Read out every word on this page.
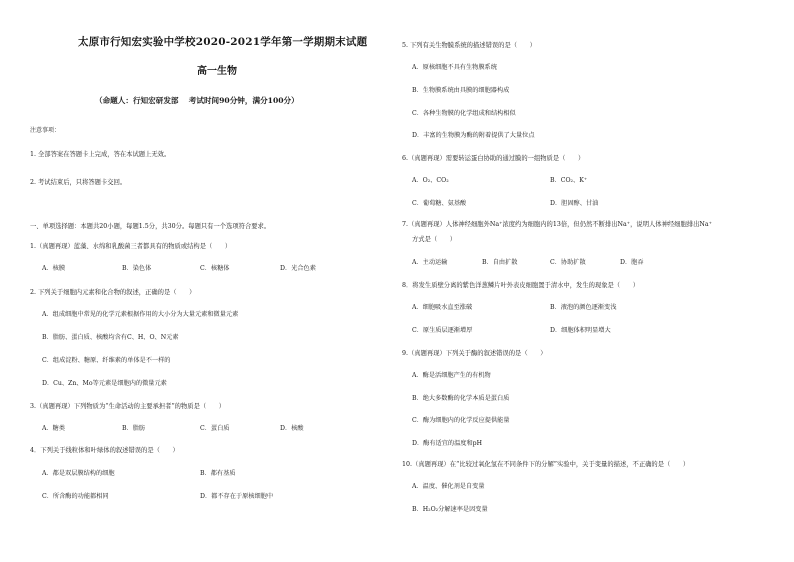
太原市行知宏实验中学校2020-2021学年第一学期期末试题
高一生物
（命题人：行知宏研发部　 考试时间90分钟，满分100分）
注意事项：
1. 全部答案在答题卡上完成，答在本试题上无效。
2. 考试结束后，只将答题卡交回。
一、单项选择题：本题共20小题，每题1.5分，共30分。每题只有一个选项符合要求。
1.（真题再现）蓝藻、水绵和乳酸菌三者都具有的物质或结构是（　　）
A．核膜	B．染色体	C．核糖体	D．光合色素
2. 下列关于细胞内元素和化合物的叙述，正确的是（　　）
A．组成细胞中常见的化学元素根据作用的大小分为大量元素和微量元素
B．脂肪、蛋白质、核酸均含有C、H、O、N元素
C．组成淀粉、糖原、纤维素的单体是不一样的
D．Cu、Zn、Mo等元素是细胞内的微量元素
3.（真题再现）下列物质为“生命活动的主要承担者”的物质是（　　）
A．糖类	B．脂肪	C．蛋白质	D．核酸
4．下列关于线粒体和叶绿体的叙述错误的是（　　）
A．都是双层膜结构的细胞	B．都有基质
C．所含酶的功能都相同	D．都不存在于原核细胞中
5. 下列有关生物膜系统的描述错误的是（　　）
A．原核细胞不具有生物膜系统
B．生物膜系统由具膜的细胞器构成
C．各种生物膜的化学组成和结构相似
D．丰富的生物膜为酶的附着提供了大量位点
6.（真题再现）需要转运蛋白协助的通过膜的一组物质是（　　）
A．O₂、CO₂	B．CO₂、K⁺
C．葡萄糖、氨基酸	D．胆固醇、甘油
7.（真题再现）人体神经细胞外Na⁺浓度约为细胞内的13倍，但仍然不断排出Na⁺，说明人体神经细胞排出Na⁺
方式是（　　）
A．主动运输	B．自由扩散	C．协助扩散	D．胞吞
8．将发生质壁分离的紫色洋葱鳞片叶外表皮细胞置于清水中，发生的现象是（　　）
A．细胞吸水直至涨破	B．液泡的颜色逐渐变浅
C．原生质层逐渐增厚	D．细胞体积明显增大
9.（真题再现）下列关于酶的叙述错误的是（　　）
A．酶是活细胞产生的有机物
B．绝大多数酶的化学本质是蛋白质
C．酶为细胞内的化学反应提供能量
D．酶有适宜的温度和pH
10.（真题再现）在“比较过氧化氢在不同条件下的分解”实验中，关于变量的描述，不正确的是（　　）
A．温度、催化剂是自变量
B．H₂O₂分解速率是因变量
